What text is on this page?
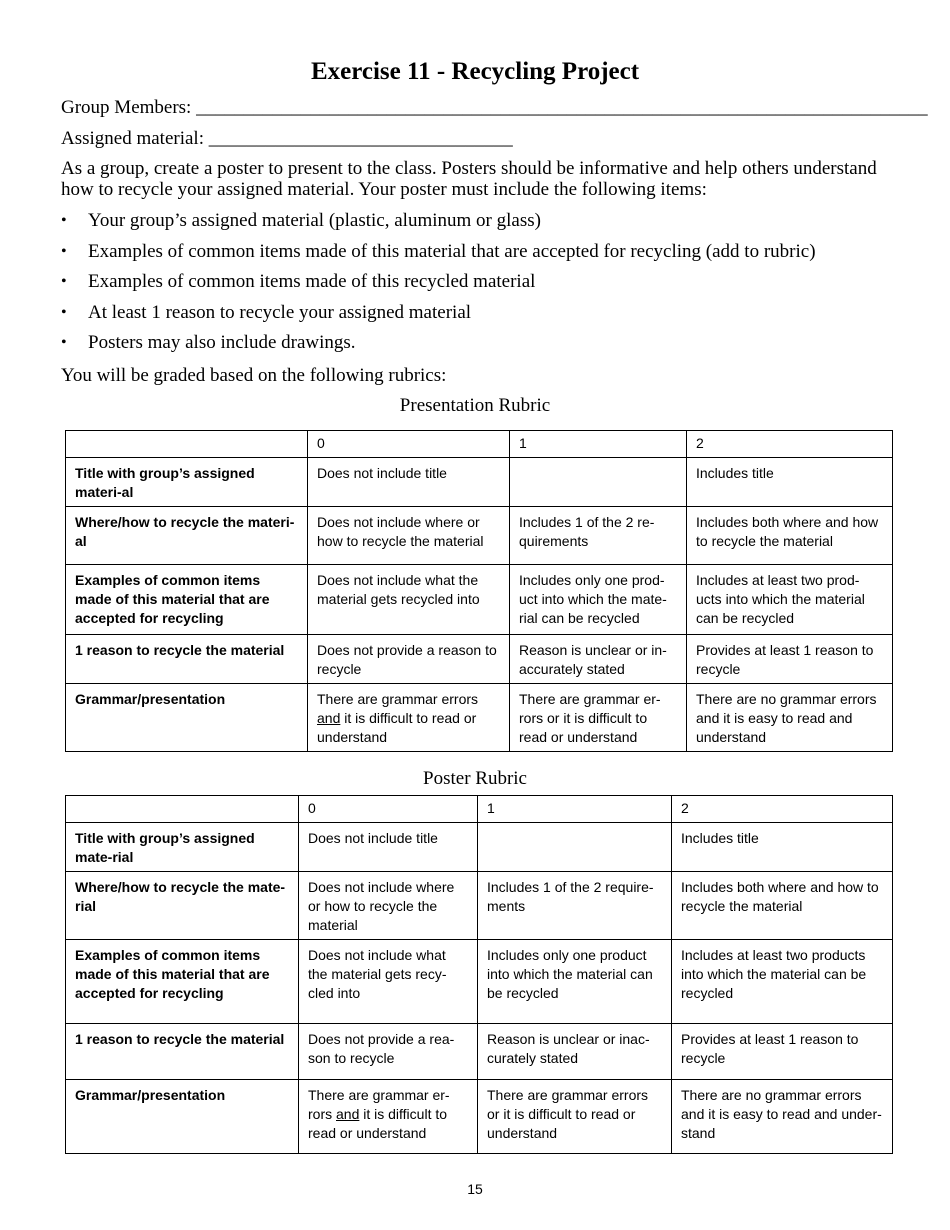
Exercise 11 - Recycling Project
Group Members: _____________________________________________________________________________
Assigned material: ________________________________
As a group, create a poster to present to the class. Posters should be informative and help others understand how to recycle your assigned material. Your poster must include the following items:
• Your group’s assigned material (plastic, aluminum or glass)
• Examples of common items made of this material that are accepted for recycling (add to rubric)
• Examples of common items made of this recycled material
• At least 1 reason to recycle your assigned material
• Posters may also include drawings.
You will be graded based on the following rubrics:
Presentation Rubric
	0	1	2
Title with group’s assigned materi-al	Does not include title		Includes title
Where/how to recycle the materi-al	Does not include where or how to recycle the material	Includes 1 of the 2 re-quirements	Includes both where and how to recycle the material
Examples of common items made of this material that are accepted for recycling	Does not include what the material gets recycled into	Includes only one prod-uct into which the mate-rial can be recycled	Includes at least two prod-ucts into which the material can be recycled
1 reason to recycle the material	Does not provide a reason to recycle	Reason is unclear or in-accurately stated	Provides at least 1 reason to recycle
Grammar/presentation	There are grammar errors and it is difficult to read or understand	There are grammar er-rors or it is difficult to read or understand	There are no grammar errors and it is easy to read and understand
Poster Rubric
	0	1	2
Title with group’s assigned mate-rial	Does not include title		Includes title
Where/how to recycle the mate-rial	Does not include where or how to recycle the material	Includes 1 of the 2 require-ments	Includes both where and how to recycle the material
Examples of common items made of this material that are accepted for recycling	Does not include what the material gets recy-cled into	Includes only one product into which the material can be recycled	Includes at least two products into which the material can be recycled
1 reason to recycle the material	Does not provide a rea-son to recycle	Reason is unclear or inac-curately stated	Provides at least 1 reason to recycle
Grammar/presentation	There are grammar er-rors and it is difficult to read or understand	There are grammar errors or it is difficult to read or understand	There are no grammar errors and it is easy to read and under-stand
15
